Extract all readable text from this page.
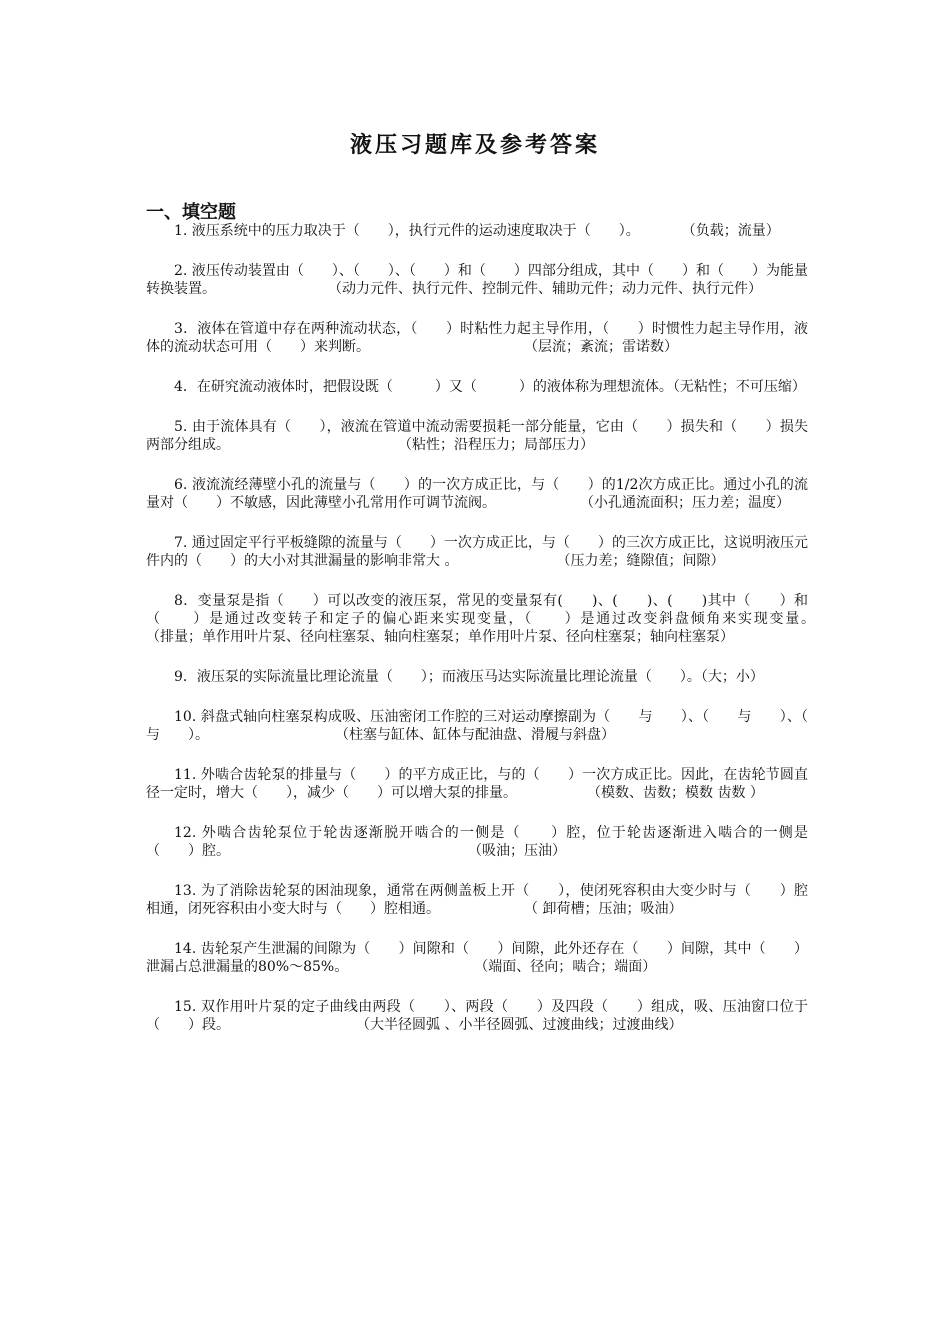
液压习题库及参考答案
一、填空题

1. 液压系统中的压力取决于（　　），执行元件的运动速度取决于（　　）。　　　　（负载；流量）

2. 液压传动装置由（　　）、（　　）、（　　）和（　　）四部分组成，其中（　　）和（　　）为能量转换装置。　　　　　　　　　（动力元件、执行元件、控制元件、辅助元件；动力元件、执行元件）

3．液体在管道中存在两种流动状态，（　　）时粘性力起主导作用，（　　）时惯性力起主导作用，液体的流动状态可用（　　）来判断。　　　　　　　　　　　　（层流；紊流；雷诺数）

4．在研究流动液体时，把假设既（　　　）又（　　　）的液体称为理想流体。（无粘性；不可压缩）

5. 由于流体具有（　　），液流在管道中流动需要损耗一部分能量，它由（　　）损失和（　　）损失两部分组成。　　　　　　　　　　　　　（粘性；沿程压力；局部压力）

6. 液流流经薄壁小孔的流量与（　　）的一次方成正比，与（　　）的1/2次方成正比。通过小孔的流量对（　　）不敏感，因此薄壁小孔常用作可调节流阀。　　　　　　　（小孔通流面积；压力差；温度）

7. 通过固定平行平板缝隙的流量与（　　）一次方成正比，与（　　）的三次方成正比，这说明液压元件内的（　　）的大小对其泄漏量的影响非常大 。　　　　　　　　（压力差；缝隙值；间隙）

8．变量泵是指（　　）可以改变的液压泵，常见的变量泵有(　　)、(　　)、(　　)其中（　　）和（　　）是通过改变转子和定子的偏心距来实现变量，（　　）是通过改变斜盘倾角来实现变量。　　　　　　　　　　（排量；单作用叶片泵、径向柱塞泵、轴向柱塞泵；单作用叶片泵、径向柱塞泵；轴向柱塞泵）

9．液压泵的实际流量比理论流量（　　）；而液压马达实际流量比理论流量（　　）。（大；小）

10. 斜盘式轴向柱塞泵构成吸、压油密闭工作腔的三对运动摩擦副为（　　与　　）、（　　与　　）、（　　与　　）。　　　　　　　　　　（柱塞与缸体、缸体与配油盘、滑履与斜盘）

11. 外啮合齿轮泵的排量与（　　）的平方成正比，与的（　　）一次方成正比。因此，在齿轮节圆直径一定时，增大（　　），减少（　　）可以增大泵的排量。　　　　　　（模数、齿数；模数 齿数 ）

12. 外啮合齿轮泵位于轮齿逐渐脱开啮合的一侧是（　　）腔，位于轮齿逐渐进入啮合的一侧是（　　）腔。　　　　　　　　　　　　　　　　　　（吸油；压油）

13. 为了消除齿轮泵的困油现象，通常在两侧盖板上开（　　），使闭死容积由大变少时与（　　）腔相通，闭死容积由小变大时与（　　）腔相通。　　　　　　　（ 卸荷槽；压油；吸油）

14. 齿轮泵产生泄漏的间隙为（　　）间隙和（　　）间隙，此外还存在（　　）间隙，其中（　　）泄漏占总泄漏量的80%～85%。　　　　　　　　　　（端面、径向；啮合；端面）

15. 双作用叶片泵的定子曲线由两段（　　）、两段（　　）及四段（　　）组成，吸、压油窗口位于（　　）段。　　　　　　　　　　（大半径圆弧 、小半径圆弧、过渡曲线；过渡曲线）
